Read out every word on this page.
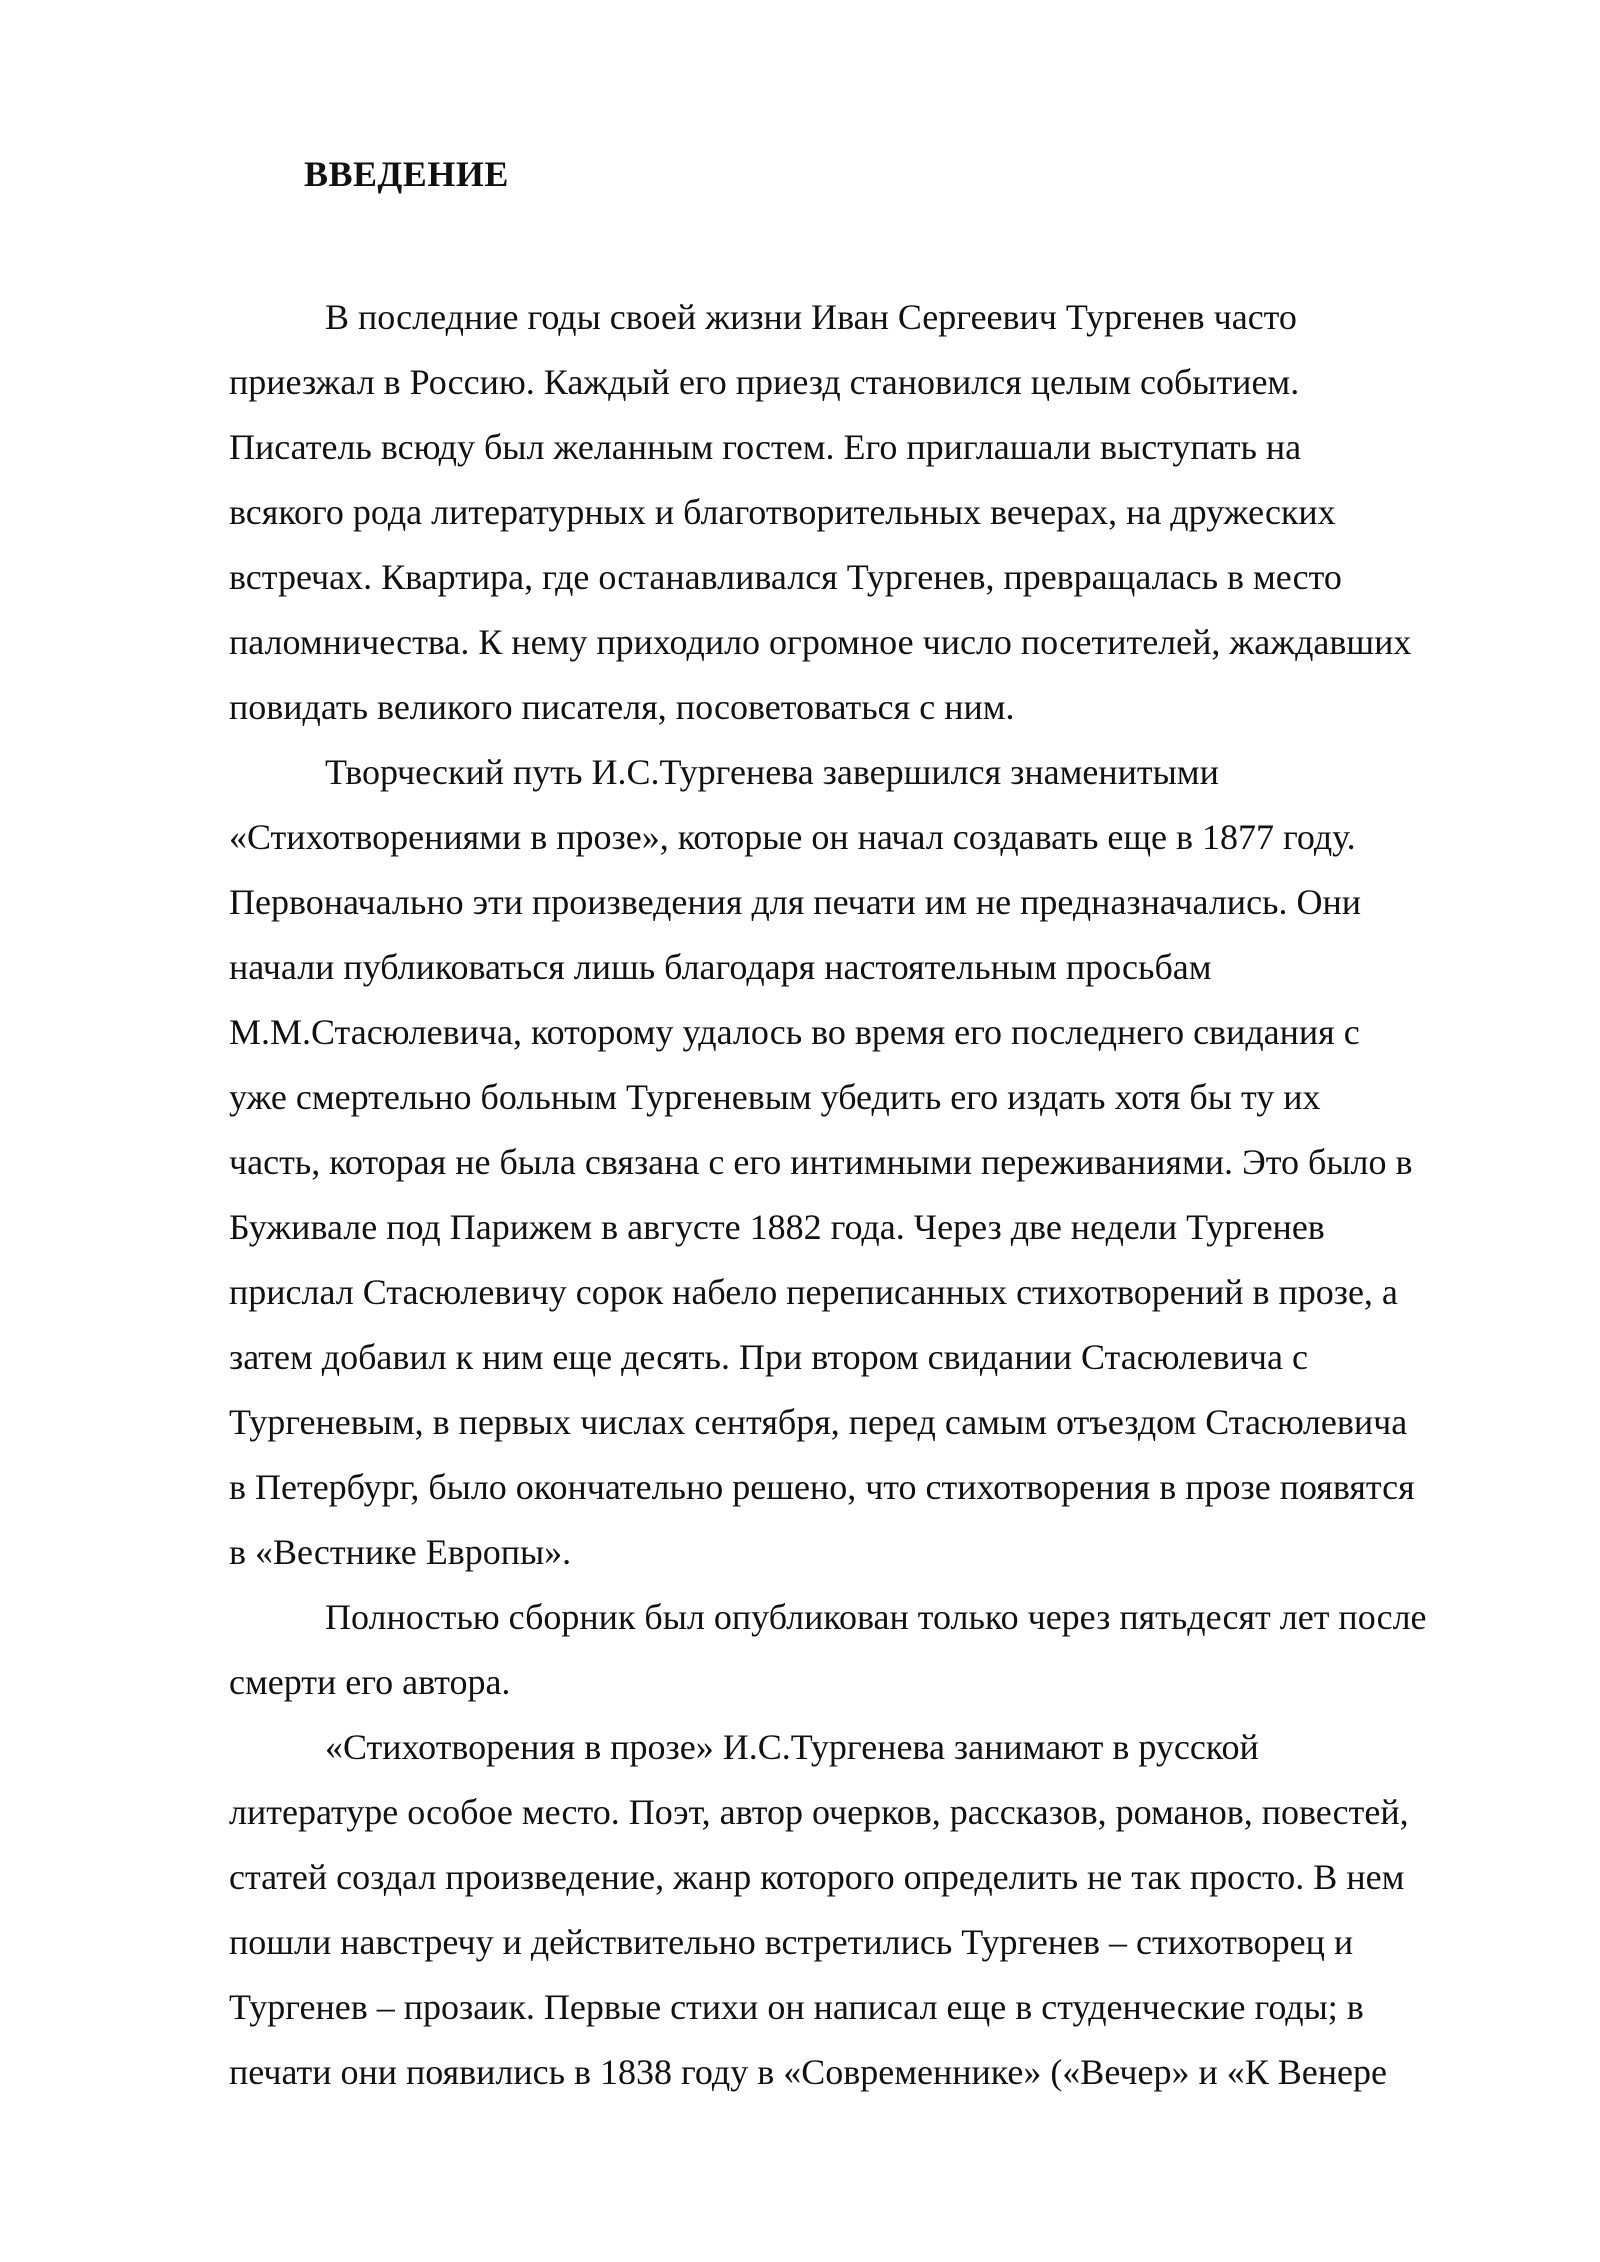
ВВЕДЕНИЕ

В последние годы своей жизни Иван Сергеевич Тургенев часто
приезжал в Россию. Каждый его приезд становился целым событием.
Писатель всюду был желанным гостем. Его приглашали выступать на
всякого рода литературных и благотворительных вечерах, на дружеских
встречах. Квартира, где останавливался Тургенев, превращалась в место
паломничества. К нему приходило огромное число посетителей, жаждавших
повидать великого писателя, посоветоваться с ним.

Творческий путь И.С.Тургенева завершился знаменитыми
«Стихотворениями в прозе», которые он начал создавать еще в 1877 году.
Первоначально эти произведения для печати им не предназначались. Они
начали публиковаться лишь благодаря настоятельным просьбам
М.М.Стасюлевича, которому удалось во время его последнего свидания с
уже смертельно больным Тургеневым убедить его издать хотя бы ту их
часть, которая не была связана с его интимными переживаниями. Это было в
Буживале под Парижем в августе 1882 года. Через две недели Тургенев
прислал Стасюлевичу сорок набело переписанных стихотворений в прозе, а
затем добавил к ним еще десять. При втором свидании Стасюлевича с
Тургеневым, в первых числах сентября, перед самым отъездом Стасюлевича
в Петербург, было окончательно решено, что стихотворения в прозе появятся
в «Вестнике Европы».

Полностью сборник был опубликован только через пятьдесят лет после
смерти его автора.

«Стихотворения в прозе» И.С.Тургенева занимают в русской
литературе особое место. Поэт, автор очерков, рассказов, романов, повестей,
статей создал произведение, жанр которого определить не так просто. В нем
пошли навстречу и действительно встретились Тургенев – стихотворец и
Тургенев – прозаик. Первые стихи он написал еще в студенческие годы; в
печати они появились в 1838 году в «Современнике» («Вечер» и «К Венере
